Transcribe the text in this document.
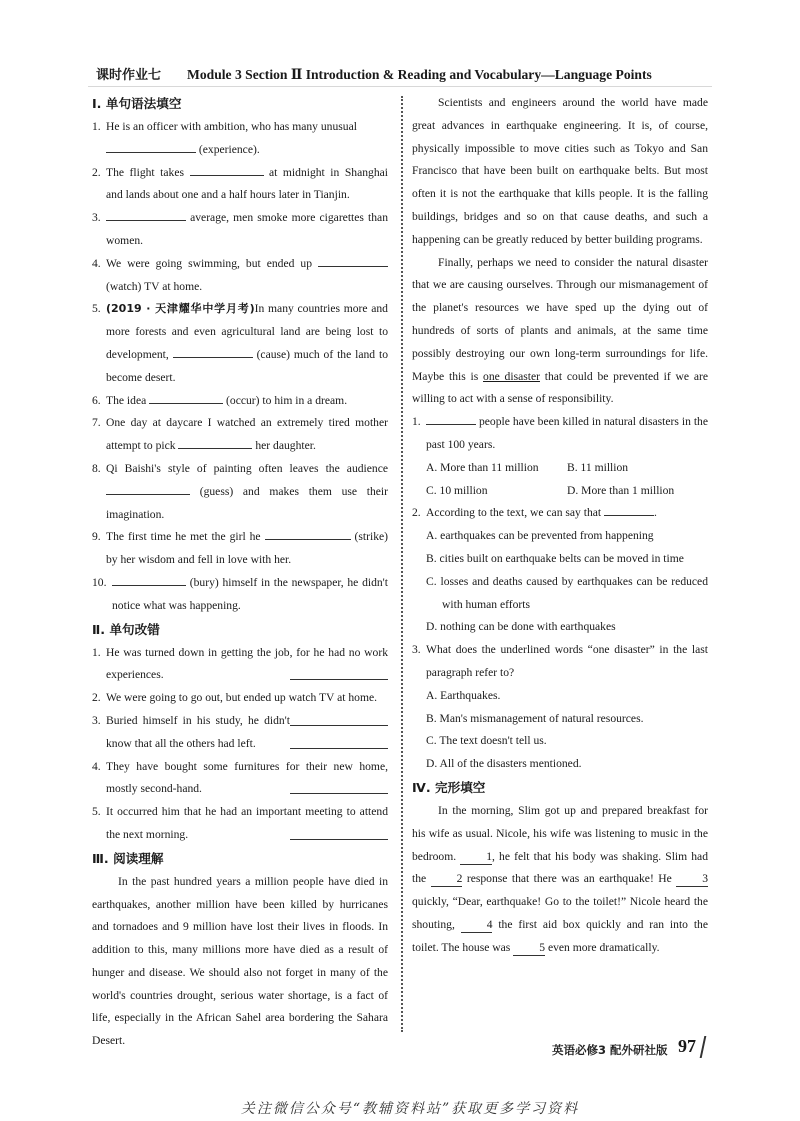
课时作业七 Module 3 Section Ⅱ Introduction & Reading and Vocabulary—Language Points

Ⅰ. 单句语法填空

1. He is an officer with ambition, who has many unusual
(experience).

2. The flight takes	at midnight in Shanghai and lands about one and a half hours later in Tianjin.

3.	average, men smoke more cigarettes than women.

4. We were going swimming, but ended up  (watch) TV at home.

5. (2019 · 天津耀华中学月考)In many countries more and more forests and even agricultural land are being lost to development,	(cause) much of the land to become desert.

6. The idea	(occur) to him in a dream.

7. One day at daycare I watched an extremely tired mother attempt to pick	her daughter.

8. Qi Baishi's style of painting often leaves the audience  (guess) and makes them use their imagination.

9. The first time he met the girl he	(strike) by her wisdom and fell in love with her.

10.	(bury) himself in the newspaper, he didn't notice what was happening.

Ⅱ. 单句改错

1. He was turned down in getting the job, for he had no work experiences.

2. We were going to go out, but ended up watch TV at home.

3. Buried himself in his study, he didn't know that all the others had left.

4. They have bought some furnitures for their new home, mostly second-hand.

5. It occurred him that he had an important meeting to attend the next morning.

Ⅲ. 阅读理解

In the past hundred years a million people have died in earthquakes, another million have been killed by hurricanes and tornadoes and 9 million have lost their lives in floods. In addition to this, many millions more have died as a result of hunger and disease. We should also not forget in many of the world's countries drought, serious water shortage, is a fact of life, especially in the African Sahel area bordering the Sahara Desert.

Scientists and engineers around the world have made great advances in earthquake engineering. It is, of course, physically impossible to move cities such as Tokyo and San Francisco that have been built on earthquake belts. But most often it is not the earthquake that kills people. It is the falling buildings, bridges and so on that cause deaths, and such a happening can be greatly reduced by better building programs.

Finally, perhaps we need to consider the natural disaster that we are causing ourselves. Through our mismanagement of the planet's resources we have sped up the dying out of hundreds of sorts of plants and animals, at the same time possibly destroying our own long-term surroundings for life. Maybe this is one disaster that could be prevented if we are willing to act with a sense of responsibility.

1.	people have been killed in natural disasters in the past 100 years.

A. More than 11 million	B. 11 million
C. 10 million	D. More than 1 million

2. According to the text, we can say that	.

A. earthquakes can be prevented from happening

B. cities built on earthquake belts can be moved in time

C. losses and deaths caused by earthquakes can be reduced with human efforts

D. nothing can be done with earthquakes

3. What does the underlined words “one disaster” in the last paragraph refer to?

A. Earthquakes.

B. Man's mismanagement of natural resources.

C. The text doesn't tell us.

D. All of the disasters mentioned.

Ⅳ. 完形填空

In the morning, Slim got up and prepared breakfast for his wife as usual. Nicole, his wife was listening to music in the bedroom.	1, he felt that his body was shaking. Slim had the	2 response that there was an earthquake! He	3 quickly, “Dear, earthquake! Go to the toilet!” Nicole heard the shouting,	4 the first aid box quickly and ran into the toilet. The house was 5 even more dramatically.

英语必修3 配外研社版 97
关注微信公众号“教辅资料站”获取更多学习资料
